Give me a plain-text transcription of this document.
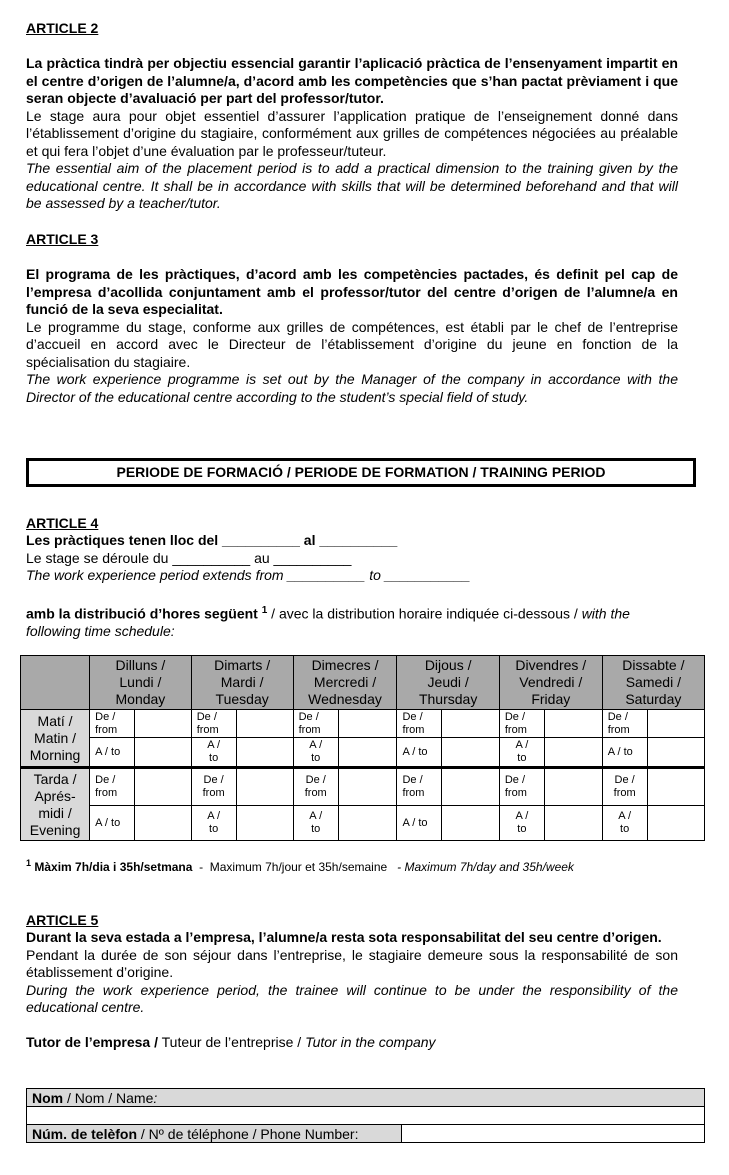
ARTICLE 2

La pràctica tindrà per objectiu essencial garantir l’aplicació pràctica de l’ensenyament impartit en el centre d’origen de l’alumne/a, d’acord amb les competències que s’han pactat prèviament i que seran objecte d’avaluació per part del professor/tutor.

Le stage aura pour objet essentiel d’assurer l’application pratique de l’enseignement donné dans l’établissement d’origine du stagiaire, conformément aux grilles de compétences négociées au préalable et qui fera l’objet d’une évaluation par le professeur/tuteur.

The essential aim of the placement period is to add a practical dimension to the training given by the educational centre. It shall be in accordance with skills that will be determined beforehand and that will be assessed by a teacher/tutor.

ARTICLE 3

El programa de les pràctiques, d’acord amb les competències pactades, és definit pel cap de l’empresa d’acollida conjuntament amb el professor/tutor del centre d’origen de l’alumne/a en funció de la seva especialitat.

Le programme du stage, conforme aux grilles de compétences, est établi par le chef de l’entreprise d’accueil en accord avec le Directeur de l’établissement d’origine du jeune en fonction de la spécialisation du stagiaire.

The work experience programme is set out by the Manager of the company in accordance with the Director of the educational centre according to the student’s special field of study.

PERIODE DE FORMACIÓ / PERIODE DE FORMATION / TRAINING PERIOD

ARTICLE 4

Les pràctiques tenen lloc del __________ al __________

Le stage se déroule du __________ au __________

The work experience period extends from __________ to ___________

amb la distribució d’hores següent $^1$ / avec la distribution horaire indiquée ci-dessous / with the following time schedule:

	Dilluns /
Lundi /
Monday		Dimarts /
Mardi /
Tuesday		Dimecres /
Mercredi /
Wednesday		Dijous /
Jeudi /
Thursday		Divendres /
Vendredi /
Friday		Dissabte /
Samedi /
Saturday	
Matí /
Matin /
Morning	De /
from		De /
from		De /
from		De /
from		De /
from		De /
from	
	A / to		A /
to		A /
to		A / to		A /
to		A / to	
Tarda /
Aprés-
midi /
Evening	De /
from		De /
from		De /
from		De /
from		De /
from		De /
from	
	A / to		A /
to		A /
to		A / to		A /
to		A /
to	
$^1$ Màxim 7h/dia i 35h/setmana  -  Maximum 7h/jour et 35h/semaine   - Maximum 7h/day and 35h/week

ARTICLE 5

Durant la seva estada a l’empresa, l’alumne/a resta sota responsabilitat del seu centre d’origen.

Pendant la durée de son séjour dans l’entreprise, le stagiaire demeure sous la responsabilité de son établissement d’origine.

During the work experience period, the trainee will continue to be under the responsibility of the educational centre.

Tutor de l’empresa / Tuteur de l’entreprise / Tutor in the company

Nom / Nom / Name:

Núm. de telèfon / Nº de téléphone / Phone Number:	
